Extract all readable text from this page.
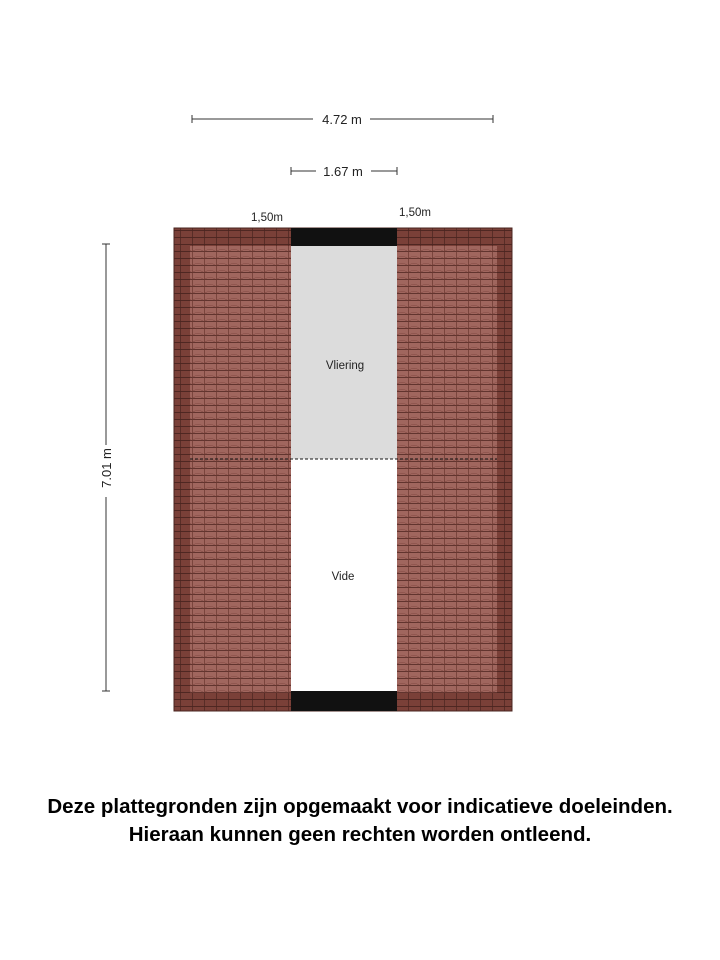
4.72 m
1.67 m
1,50m	1,50m
7.01 m
Vliering
Vide
Deze plattegronden zijn opgemaakt voor indicatieve doeleinden.
Hieraan kunnen geen rechten worden ontleend.
